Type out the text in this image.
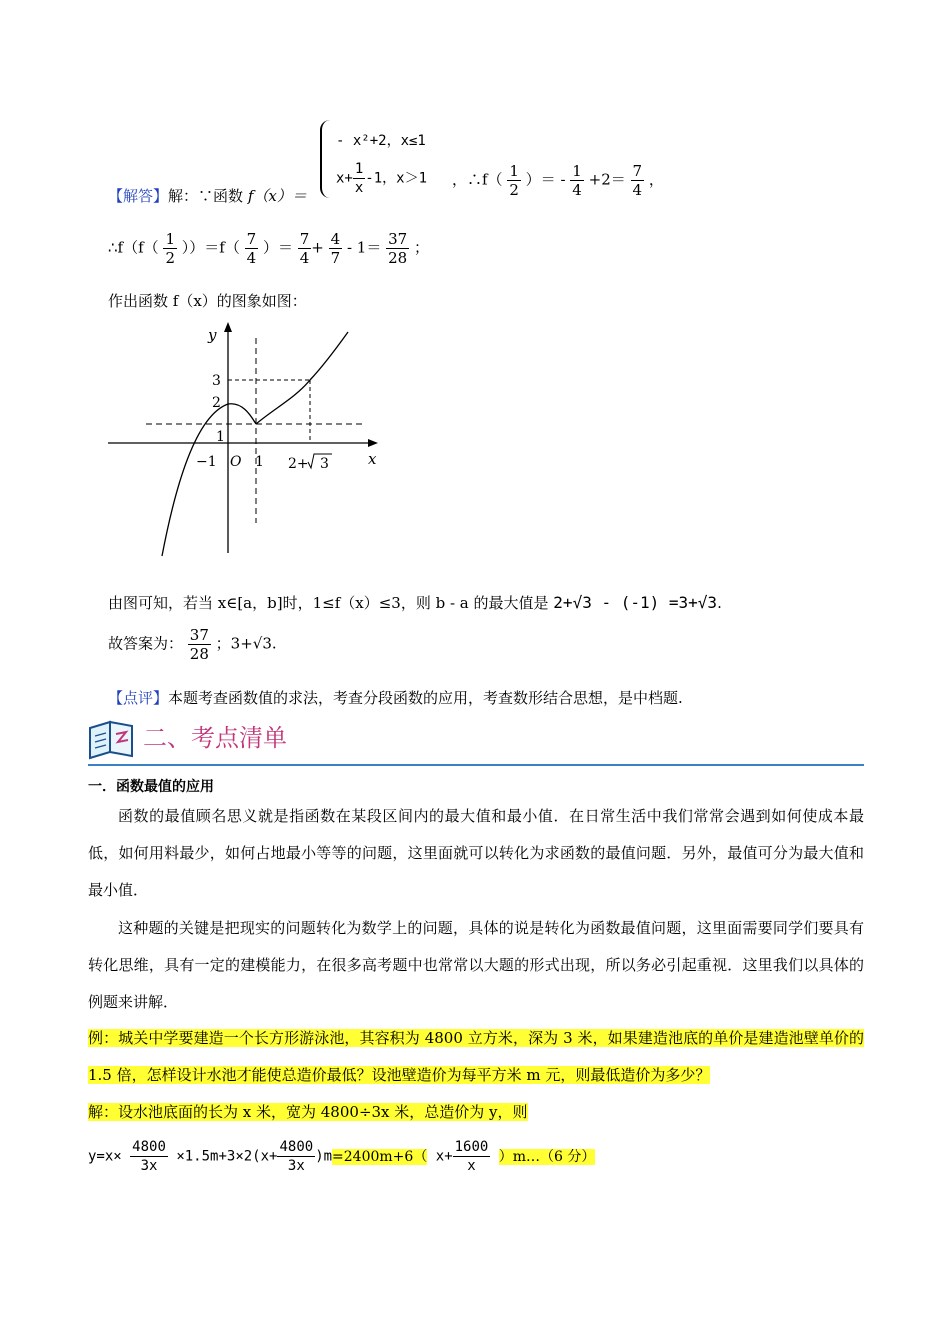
- x²+2，x≤1
$x+ \frac{1}{x} -1$，x＞1
【解答】解：∵函数 f（x）＝
，∴f（ $\frac{1}{2}$ ）＝ - $\frac{1}{4} +2= \frac{7}{4}$ ，
∴f（f（ $\frac{1}{2} ))=f( \frac{7}{4}$ ）＝ $\frac{7}{4} + \frac{4}{7} - 1= \frac{37}{28}$ ；
作出函数 f（x）的图象如图：
y
x
3
2
1
O
−1	1 2+ 3
由图可知，若当 x∈[a，b]时，1≤f（x）≤3，则 b - a 的最大值是 2+√3 - (-1) =3+√3.
故答案为： $\frac{37}{28}$ ；3+√3.
【点评】本题考查函数值的求法，考查分段函数的应用，考查数形结合思想，是中档题.
二、考点清单
一．函数最值的应用
函数的最值顾名思义就是指函数在某段区间内的最大值和最小值．在日常生活中我们常常会遇到如何使成本最低，如何用料最少，如何占地最小等等的问题，这里面就可以转化为求函数的最值问题．另外，最值可分为最大值和最小值．
这种题的关键是把现实的问题转化为数学上的问题，具体的说是转化为函数最值问题，这里面需要同学们要具有转化思维，具有一定的建模能力，在很多高考题中也常常以大题的形式出现，所以务必引起重视．这里我们以具体的例题来讲解．
例：城关中学要建造一个长方形游泳池，其容积为 4800 立方米，深为 3 米，如果建造池底的单价是建造池壁单价的 1.5 倍，怎样设计水池才能使总造价最低？设池壁造价为每平方米 m 元，则最低造价为多少？
解：设水池底面的长为 x 米，宽为 4800÷3x 米，总造价为 y，则
$y=x\times \frac{4800}{3x} \times 1.5m+3\times 2(x+ \frac{4800}{3x} )m=2400m+6$（ $x+ \frac{1600}{x}$ ）m…（6 分）
